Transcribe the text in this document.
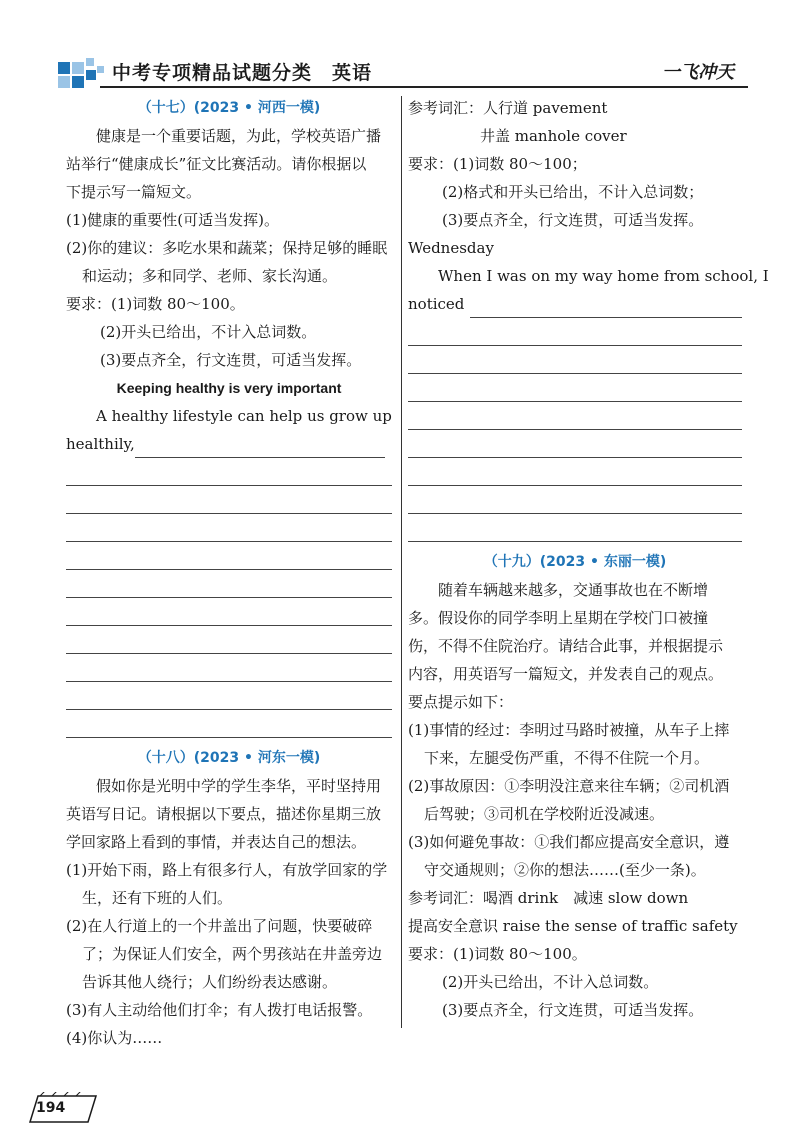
中考专项精品试题分类　英语	一飞冲天
（十七）(2023 • 河西一模)
健康是一个重要话题，为此，学校英语广播
站举行“健康成长”征文比赛活动。请你根据以
下提示写一篇短文。
(1)健康的重要性(可适当发挥)。
(2)你的建议：多吃水果和蔬菜；保持足够的睡眠
和运动；多和同学、老师、家长沟通。
要求：(1)词数 80～100。
(2)开头已给出，不计入总词数。
(3)要点齐全，行文连贯，可适当发挥。
Keeping healthy is very important
A healthy lifestyle can help us grow up
healthily,
（十八）(2023 • 河东一模)
假如你是光明中学的学生李华，平时坚持用
英语写日记。请根据以下要点，描述你星期三放
学回家路上看到的事情，并表达自己的想法。
(1)开始下雨，路上有很多行人，有放学回家的学
生，还有下班的人们。
(2)在人行道上的一个井盖出了问题，快要破碎
了；为保证人们安全，两个男孩站在井盖旁边
告诉其他人绕行；人们纷纷表达感谢。
(3)有人主动给他们打伞；有人拨打电话报警。
(4)你认为……
参考词汇：人行道 pavement
井盖 manhole cover
要求：(1)词数 80～100；
(2)格式和开头已给出，不计入总词数；
(3)要点齐全，行文连贯，可适当发挥。
Wednesday
When I was on my way home from school, I
noticed
（十九）(2023 • 东丽一模)
随着车辆越来越多，交通事故也在不断增
多。假设你的同学李明上星期在学校门口被撞
伤，不得不住院治疗。请结合此事，并根据提示
内容，用英语写一篇短文，并发表自己的观点。
要点提示如下：
(1)事情的经过：李明过马路时被撞，从车子上摔
下来，左腿受伤严重，不得不住院一个月。
(2)事故原因：①李明没注意来往车辆；②司机酒
后驾驶；③司机在学校附近没减速。
(3)如何避免事故：①我们都应提高安全意识，遵
守交通规则；②你的想法……(至少一条)。
参考词汇：喝酒 drink　减速 slow down
提高安全意识 raise the sense of traffic safety
要求：(1)词数 80～100。
(2)开头已给出，不计入总词数。
(3)要点齐全，行文连贯，可适当发挥。
194
